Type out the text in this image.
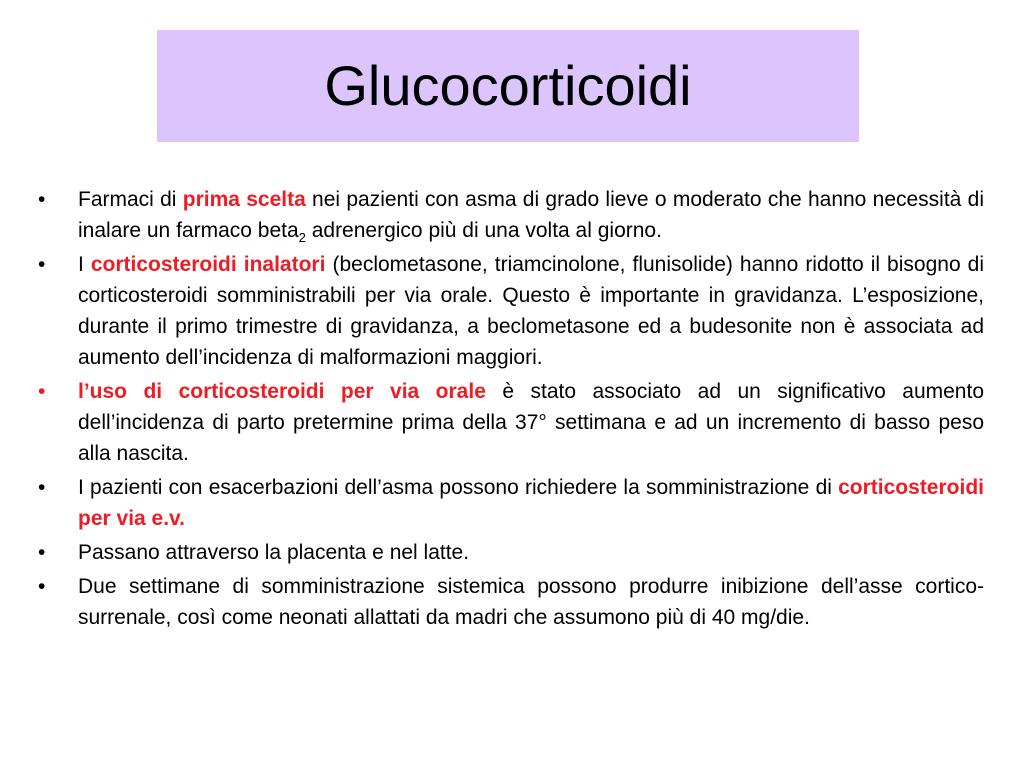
Glucocorticoidi
•	Farmaci di prima scelta nei pazienti con asma di grado lieve o moderato che hanno necessità di inalare un farmaco beta$_2$ adrenergico più di una volta al giorno.
•	I corticosteroidi inalatori (beclometasone, triamcinolone, flunisolide) hanno ridotto il bisogno di corticosteroidi somministrabili per via orale. Questo è importante in gravidanza. L’esposizione, durante il primo trimestre di gravidanza, a beclometasone ed a budesonite non è associata ad aumento dell’incidenza di malformazioni maggiori.
•	l’uso di corticosteroidi per via orale è stato associato ad un significativo aumento dell’incidenza di parto pretermine prima della 37° settimana e ad un incremento di basso peso alla nascita.
•	I pazienti con esacerbazioni dell’asma possono richiedere la somministrazione di corticosteroidi per via e.v.
•	Passano attraverso la placenta e nel latte.
•	Due settimane di somministrazione sistemica possono produrre inibizione dell’asse cortico-surrenale, così come neonati allattati da madri che assumono più di 40 mg/die.
